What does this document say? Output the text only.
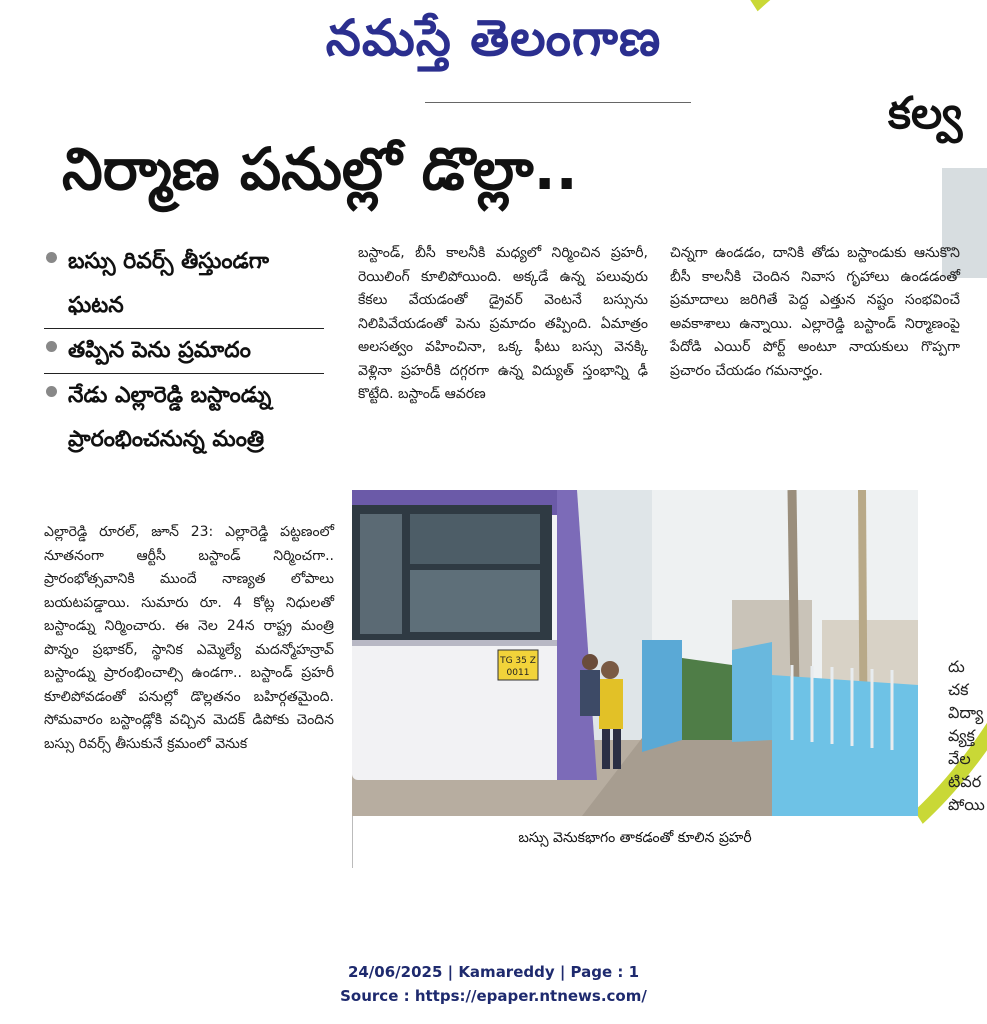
నమస్తే తెలంగాణ
కల్వ
దు
చక
విద్యా
వ్యక్త
వేల
టివర
పోయి
నిర్మాణ పనుల్లో డొల్లా..
బస్సు రివర్స్ తీస్తుండగా ఘటన
తప్పిన పెను ప్రమాదం
నేడు ఎల్లారెడ్డి బస్టాండ్ను ప్రారంభించనున్న మంత్రి
బస్టాండ్, బీసీ కాలనీకి మధ్యలో నిర్మించిన ప్రహరీ, రెయిలింగ్ కూలిపోయింది. అక్కడే ఉన్న పలువురు కేకలు వేయడంతో డ్రైవర్ వెంటనే బస్సును నిలిపివేయడంతో పెను ప్రమాదం తప్పింది. ఏమాత్రం అలసత్వం వహించినా, ఒక్క ఫీటు బస్సు వెనక్కి వెళ్లినా ప్రహరీకి దగ్గరగా ఉన్న విద్యుత్ స్తంభాన్ని ఢీ కొట్టేది. బస్టాండ్ ఆవరణ
చిన్నగా ఉండడం, దానికి తోడు బస్టాండుకు ఆనుకొని బీసీ కాలనీకి చెందిన నివాస గృహాలు ఉండడంతో ప్రమాదాలు జరిగితే పెద్ద ఎత్తున నష్టం సంభవించే అవకాశాలు ఉన్నాయి. ఎల్లారెడ్డి బస్టాండ్ నిర్మాణంపై పేదోడి ఎయిర్ పోర్ట్ అంటూ నాయకులు గొప్పగా ప్రచారం చేయడం గమనార్హం.
ఎల్లారెడ్డి రూరల్, జూన్ 23: ఎల్లారెడ్డి పట్టణంలో నూతనంగా ఆర్టీసీ బస్టాండ్ నిర్మించగా.. ప్రారంభోత్సవానికి ముందే నాణ్యత లోపాలు బయటపడ్డాయి. సుమారు రూ. 4 కోట్ల నిధులతో బస్టాండ్ను నిర్మించారు. ఈ నెల 24న రాష్ట్ర మంత్రి పొన్నం ప్రభాకర్, స్థానిక ఎమ్మెల్యే మదన్మోహన్రావ్ బస్టాండ్ను ప్రారంభించాల్సి ఉండగా.. బస్టాండ్ ప్రహరీ కూలిపోవడంతో పనుల్లో డొల్లతనం బహిర్గతమైంది. సోమవారం బస్టాండ్లోకి వచ్చిన మెదక్ డిపోకు చెందిన బస్సు రివర్స్ తీసుకునే క్రమంలో వెనుక
TG 35 Z
0011
బస్సు వెనుకభాగం తాకడంతో కూలిన ప్రహరీ
24/06/2025 | Kamareddy | Page : 1
Source : https://epaper.ntnews.com/
